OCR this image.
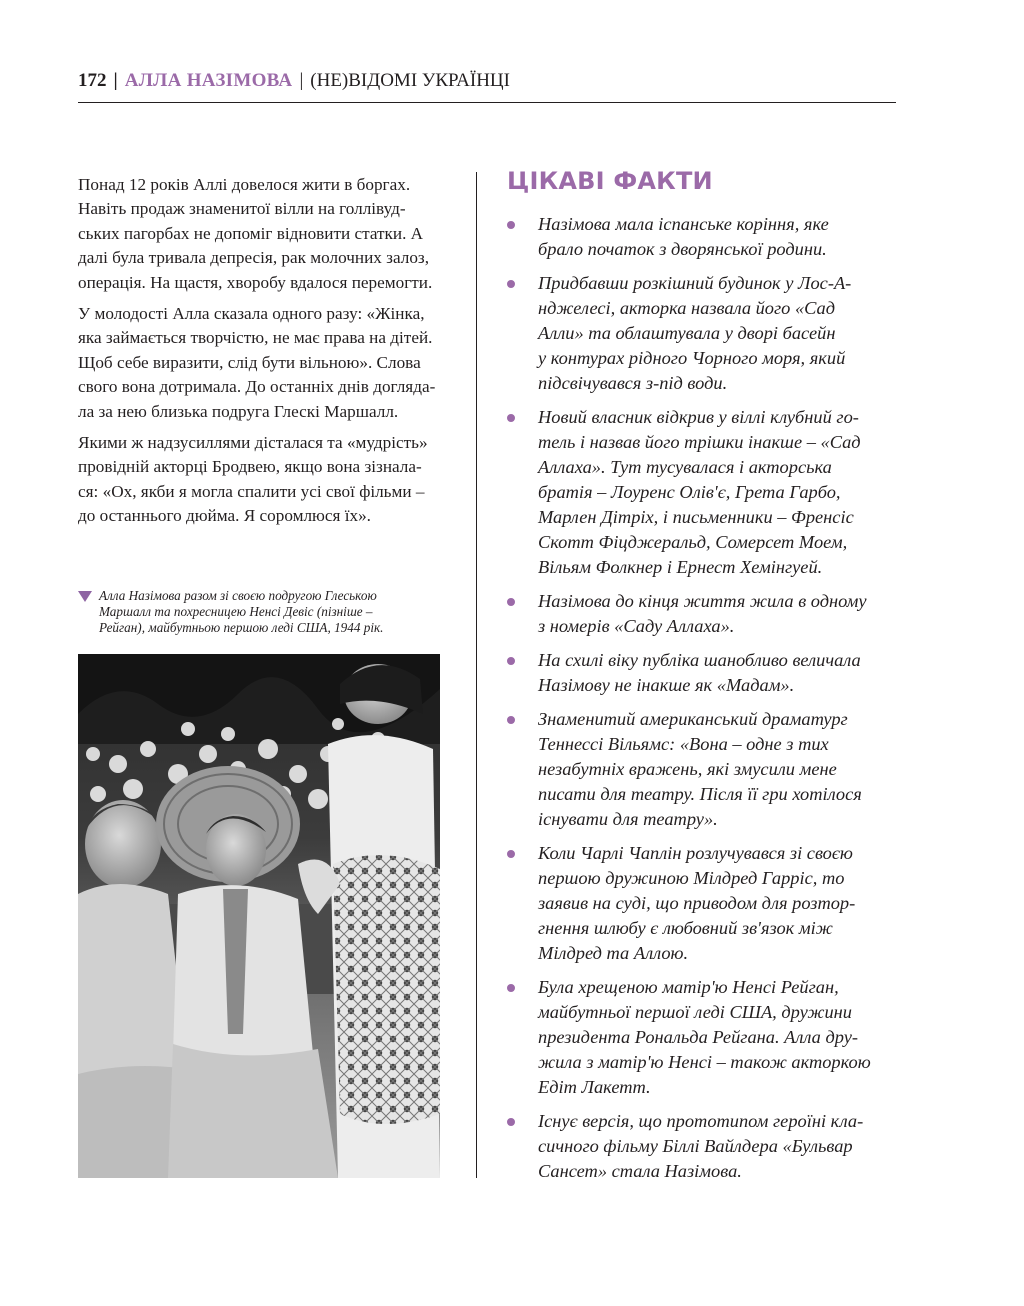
172 | АЛЛА НАЗІМОВА | (НЕ)ВІДОМІ УКРАЇНЦІ

Понад 12 років Аллі довелося жити в боргах.
Навіть продаж знаменитої вілли на голлівуд-
ських пагорбах не допоміг відновити статки. А
далі була тривала депресія, рак молочних залоз,
операція. На щастя, хворобу вдалося перемогти.

У молодості Алла сказала одного разу: «Жінка,
яка займається творчістю, не має права на дітей.
Щоб себе виразити, слід бути вільною». Слова
свого вона дотримала. До останніх днів догляда-
ла за нею близька подруга Глескі Маршалл.

Якими ж надзусиллями дісталася та «мудрість»
провідній акторці Бродвею, якщо вона зізнала-
ся: «Ох, якби я могла спалити усі свої фільми –
до останнього дюйма. Я соромлюся їх».

Алла Назімова разом зі своєю подругою Глеською
Маршалл та похресницею Ненсі Девіс (пізніше –
Рейган), майбутньою першою леді США, 1944 рік.
ЦІКАВІ ФАКТИ
Назімова мала іспанське коріння, яке
брало початок з дворянської родини.
Придбавши розкішний будинок у Лос-А-
нджелесі, акторка назвала його «Сад
Алли» та облаштувала у дворі басейн
у контурах рідного Чорного моря, який
підсвічувався з-під води.
Новий власник відкрив у віллі клубний го-
тель і назвав його трішки інакше – «Сад
Аллаха». Тут тусувалася і акторська
братія – Лоуренс Олів'є, Грета Гарбо,
Марлен Дітріх, і письменники – Френсіс
Скотт Фіцджеральд, Сомерсет Моем,
Вільям Фолкнер і Ернест Хемінгуей.
Назімова до кінця життя жила в одному
з номерів «Саду Аллаха».
На схилі віку публіка шанобливо величала
Назімову не інакше як «Мадам».
Знаменитий американський драматург
Теннессі Вільямс: «Вона – одне з тих
незабутніх вражень, які змусили мене
писати для театру. Після її гри хотілося
існувати для театру».
Коли Чарлі Чаплін розлучувався зі своєю
першою дружиною Мілдред Гарріс, то
заявив на суді, що приводом для розтор-
гнення шлюбу є любовний зв'язок між
Мілдред та Аллою.
Була хрещеною матір'ю Ненсі Рейган,
майбутньої першої леді США, дружини
президента Рональда Рейгана. Алла дру-
жила з матір'ю Ненсі – також акторкою
Едіт Лакетт.
Існує версія, що прототипом героїні кла-
сичного фільму Біллі Вайлдера «Бульвар
Сансет» стала Назімова.
